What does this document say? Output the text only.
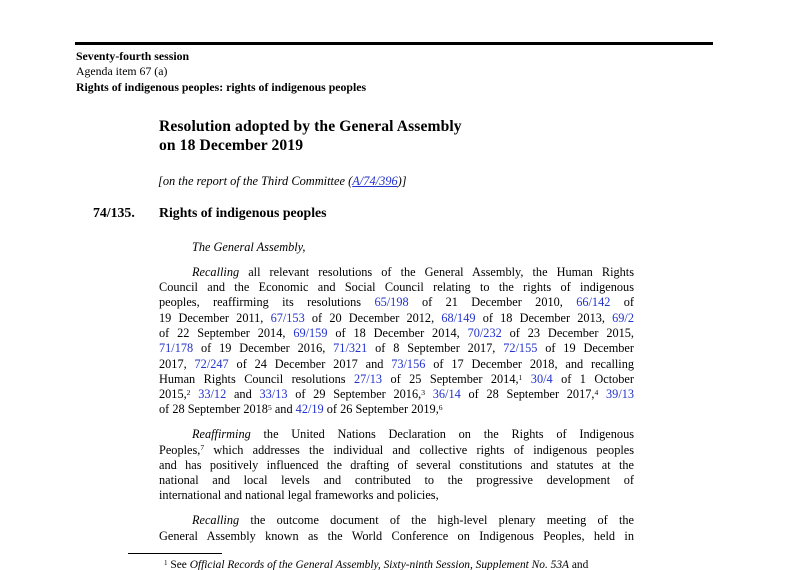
Seventy-fourth session
Agenda item 67 (a)
Rights of indigenous peoples: rights of indigenous peoples
Resolution adopted by the General Assembly
on 18 December 2019
[on the report of the Third Committee (A/74/396)]
74/135. Rights of indigenous peoples
The General Assembly,
Recalling all relevant resolutions of the General Assembly, the Human Rights
Council and the Economic and Social Council relating to the rights of indigenous
peoples, reaffirming its resolutions 65/198 of 21 December 2010, 66/142 of
19 December 2011, 67/153 of 20 December 2012, 68/149 of 18 December 2013, 69/2
of 22 September 2014, 69/159 of 18 December 2014, 70/232 of 23 December 2015,
71/178 of 19 December 2016, 71/321 of 8 September 2017, 72/155 of 19 December
2017, 72/247 of 24 December 2017 and 73/156 of 17 December 2018, and recalling
Human Rights Council resolutions 27/13 of 25 September 2014,$^1$ 30/4 of 1 October
2015,$^2$ 33/12 and 33/13 of 29 September 2016,$^3$ 36/14 of 28 September 2017,$^4$ 39/13
of 28 September 2018$^5$ and 42/19 of 26 September 2019,$^6$
Reaffirming the United Nations Declaration on the Rights of Indigenous
Peoples,$^7$ which addresses the individual and collective rights of indigenous peoples
and has positively influenced the drafting of several constitutions and statutes at the
national and local levels and contributed to the progressive development of
international and national legal frameworks and policies,
Recalling the outcome document of the high-level plenary meeting of the
General Assembly known as the World Conference on Indigenous Peoples, held in
$^1$ See Official Records of the General Assembly, Sixty-ninth Session, Supplement No. 53A and
